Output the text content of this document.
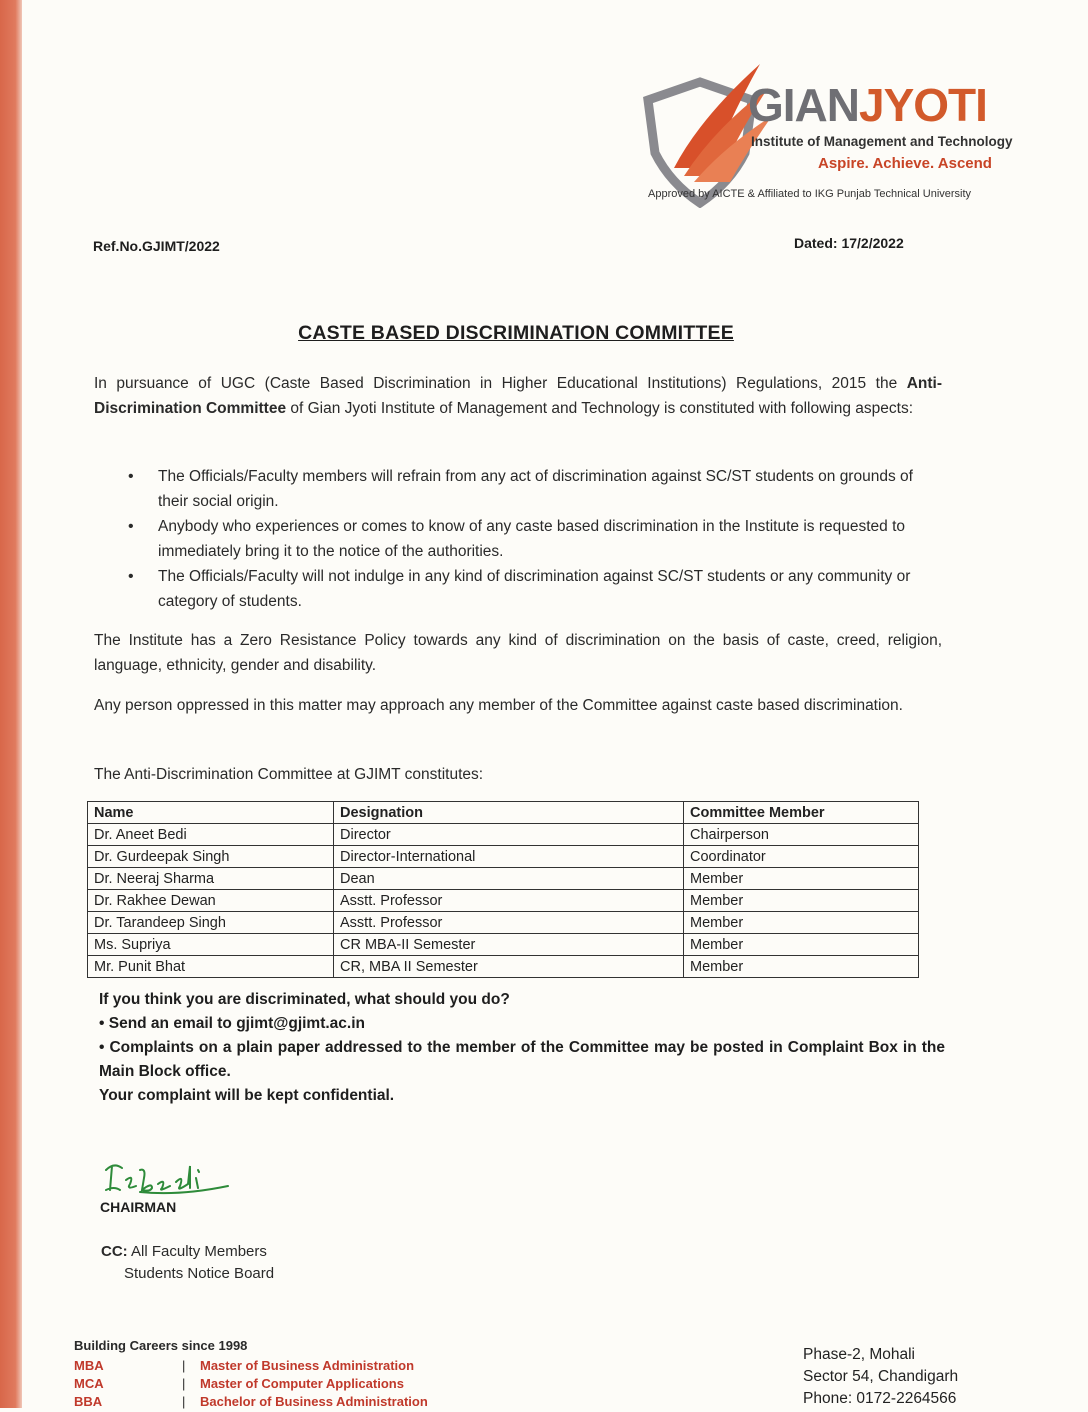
GIANJYOTI
Institute of Management and Technology
Aspire. Achieve. Ascend
Approved by AICTE & Affiliated to IKG Punjab Technical University
Ref.No.GJIMT/2022	Dated: 17/2/2022
CASTE BASED DISCRIMINATION COMMITTEE
In pursuance of UGC (Caste Based Discrimination in Higher Educational Institutions) Regulations, 2015 the Anti-Discrimination Committee of Gian Jyoti Institute of Management and Technology is constituted with following aspects:
• The Officials/Faculty members will refrain from any act of discrimination against SC/ST students on grounds of their social origin.
• Anybody who experiences or comes to know of any caste based discrimination in the Institute is requested to immediately bring it to the notice of the authorities.
• The Officials/Faculty will not indulge in any kind of discrimination against SC/ST students or any community or category of students.
The Institute has a Zero Resistance Policy towards any kind of discrimination on the basis of caste, creed, religion, language, ethnicity, gender and disability.
Any person oppressed in this matter may approach any member of the Committee against caste based discrimination.
The Anti-Discrimination Committee at GJIMT constitutes:
Name	Designation	Committee Member
Dr. Aneet Bedi	Director	Chairperson
Dr. Gurdeepak Singh	Director-International	Coordinator
Dr. Neeraj Sharma	Dean	Member
Dr. Rakhee Dewan	Asstt. Professor	Member
Dr. Tarandeep Singh	Asstt. Professor	Member
Ms. Supriya	CR MBA-II Semester	Member
Mr. Punit Bhat	CR, MBA II Semester	Member

If you think you are discriminated, what should you do?

• Send an email to gjimt@gjimt.ac.in

• Complaints on a plain paper addressed to the member of the Committee may be posted in Complaint Box in the Main Block office.

Your complaint will be kept confidential.

CHAIRMAN
CC: All Faculty Members
Students Notice Board
Building Careers since 1998
MBA	|	Master of Business Administration
MCA	|	Master of Computer Applications
BBA	|	Bachelor of Business Administration
Phase-2, Mohali
Sector 54, Chandigarh
Phone: 0172-2264566
